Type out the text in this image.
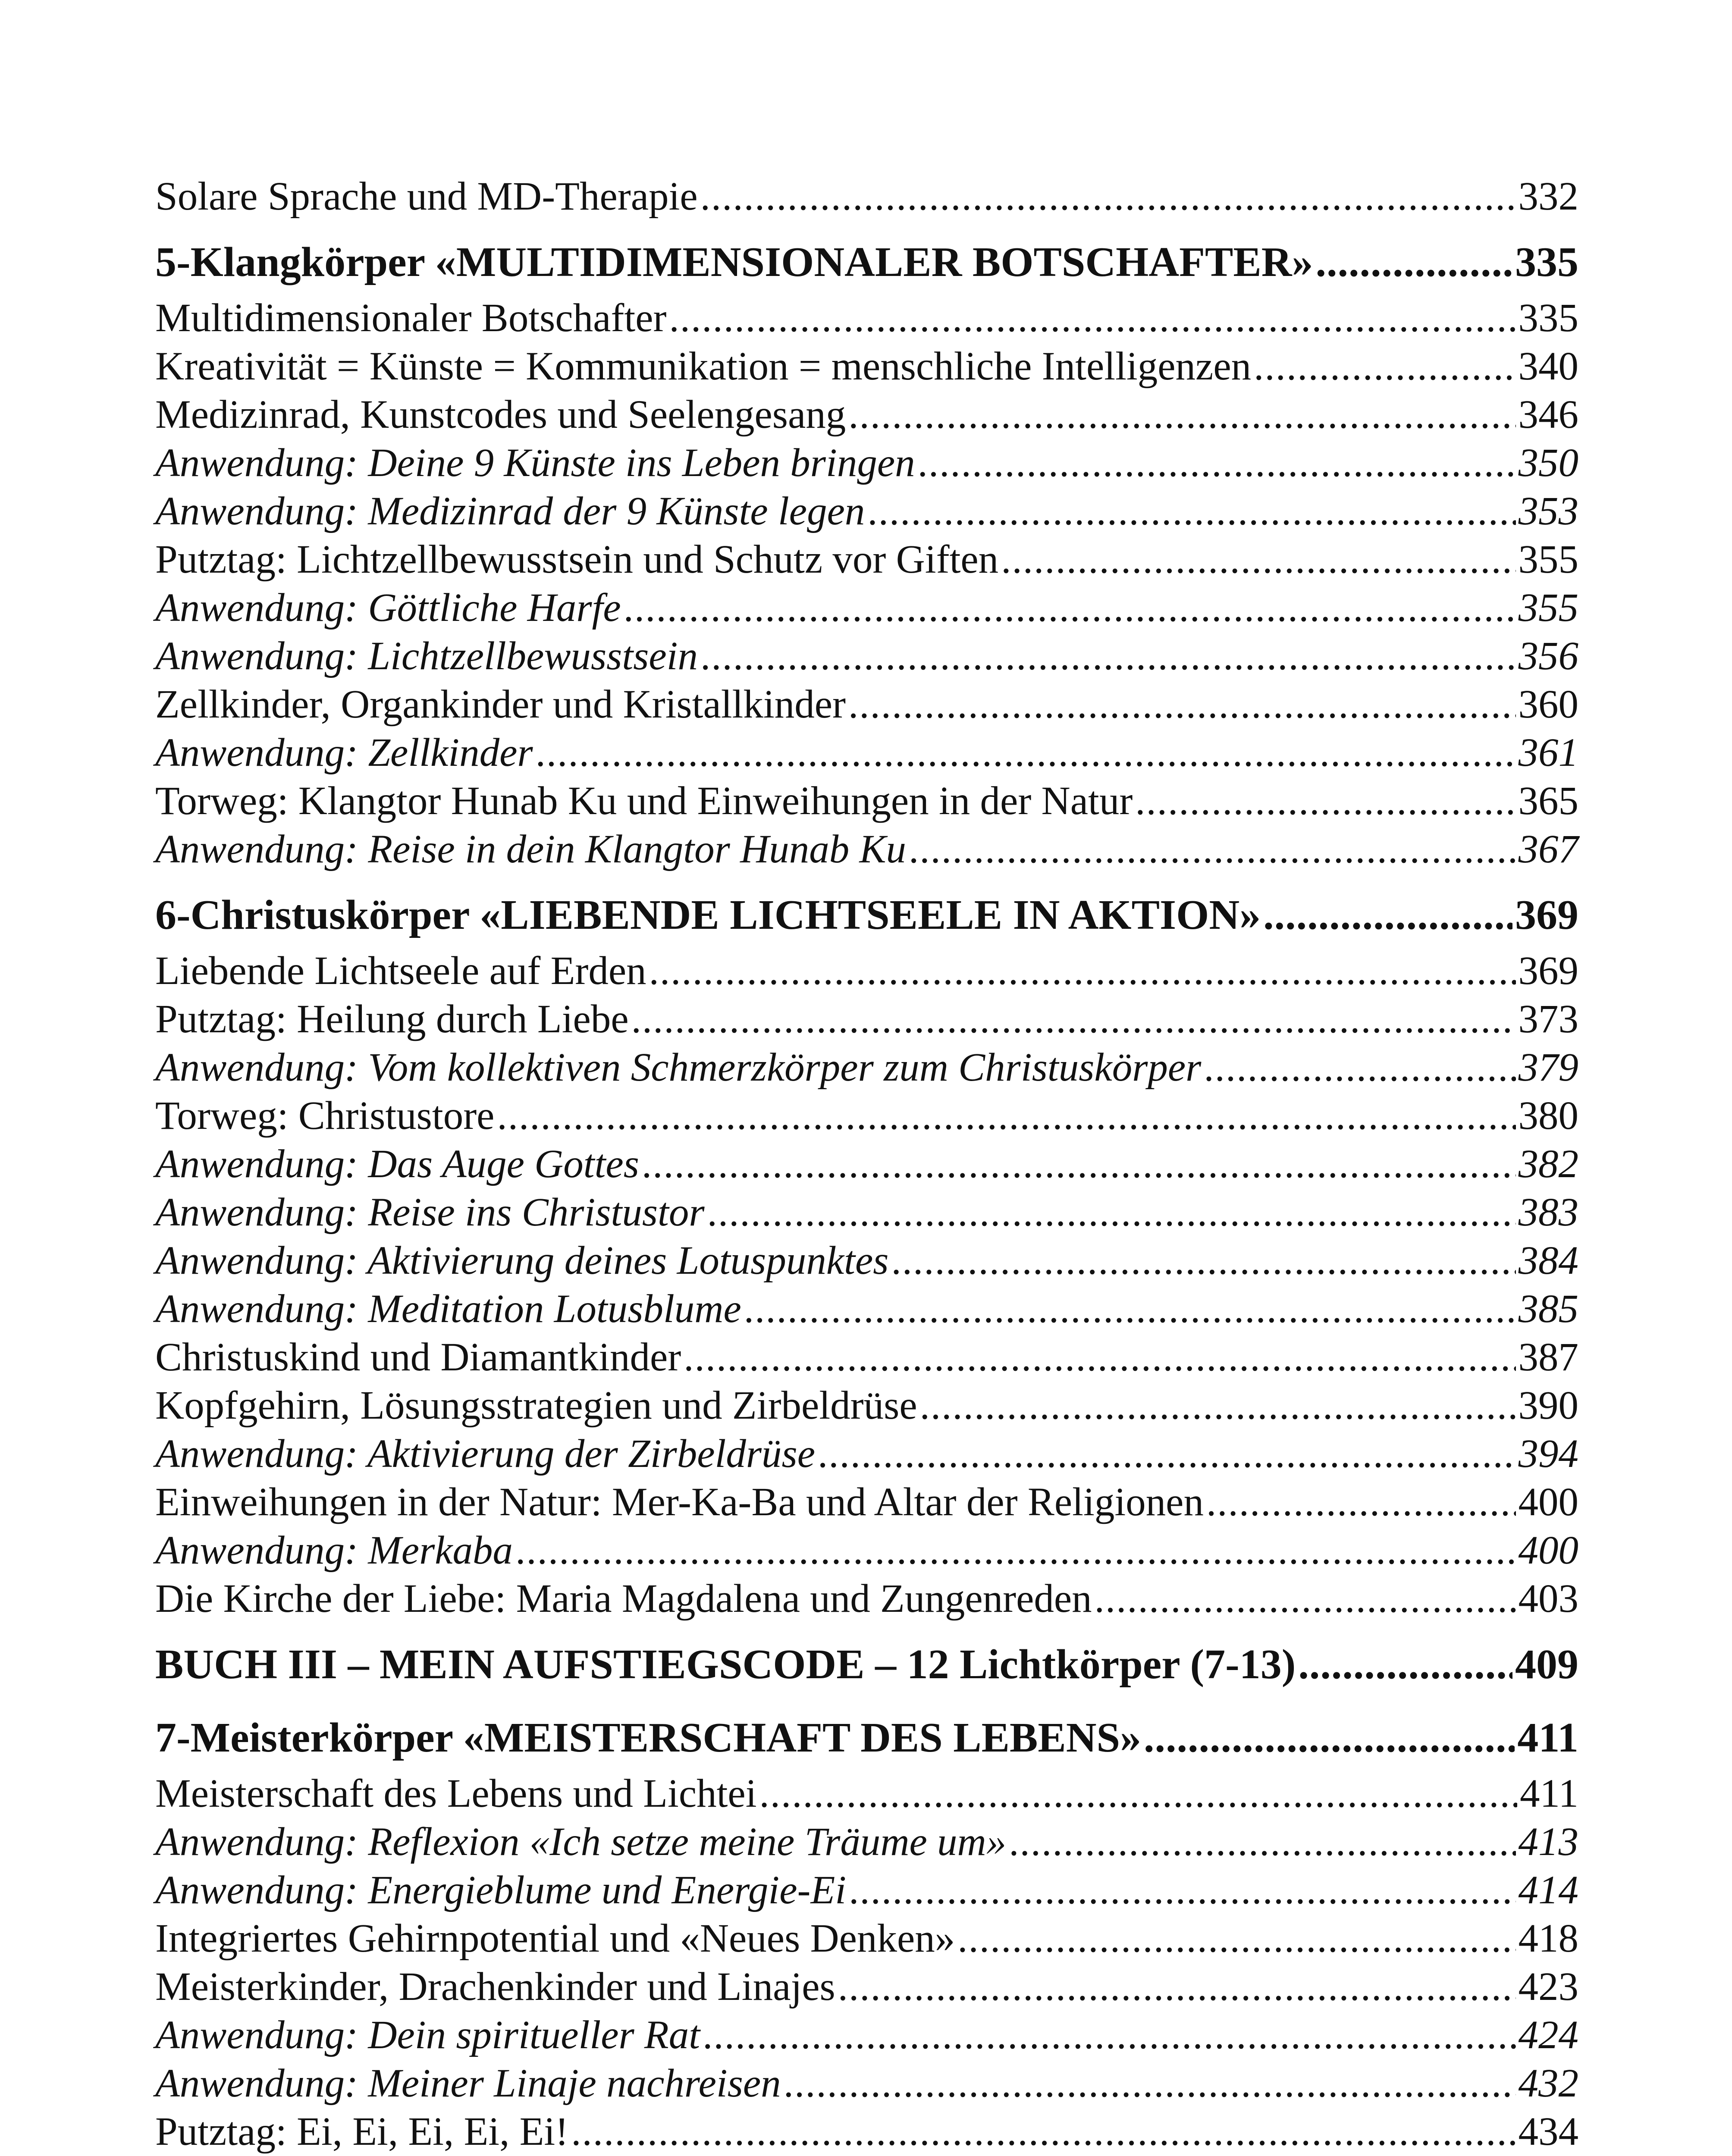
Solare Sprache und MD-Therapie .....	332
5-Klangkörper «MULTIDIMENSIONALER BOTSCHAFTER» .....	335
Multidimensionaler Botschafter .....	335
Kreativität = Künste = Kommunikation = menschliche Intelligenzen .....	340
Medizinrad, Kunstcodes und Seelengesang .....	346
Anwendung: Deine 9 Künste ins Leben bringen .....	350
Anwendung: Medizinrad der 9 Künste legen .....	353
Putztag: Lichtzellbewusstsein und Schutz vor Giften .....	355
Anwendung: Göttliche Harfe .....	355
Anwendung: Lichtzellbewusstsein .....	356
Zellkinder, Organkinder und Kristallkinder .....	360
Anwendung: Zellkinder .....	361
Torweg: Klangtor Hunab Ku und Einweihungen in der Natur .....	365
Anwendung: Reise in dein Klangtor Hunab Ku .....	367
6-Christuskörper «LIEBENDE LICHTSEELE IN AKTION» .....	369
Liebende Lichtseele auf Erden .....	369
Putztag: Heilung durch Liebe .....	373
Anwendung: Vom kollektiven Schmerzkörper zum Christuskörper .....	379
Torweg: Christustore .....	380
Anwendung: Das Auge Gottes .....	382
Anwendung: Reise ins Christustor .....	383
Anwendung: Aktivierung deines Lotuspunktes .....	384
Anwendung: Meditation Lotusblume .....	385
Christuskind und Diamantkinder .....	387
Kopfgehirn, Lösungsstrategien und Zirbeldrüse .....	390
Anwendung: Aktivierung der Zirbeldrüse .....	394
Einweihungen in der Natur: Mer-Ka-Ba und Altar der Religionen .....	400
Anwendung: Merkaba .....	400
Die Kirche der Liebe: Maria Magdalena und Zungenreden .....	403
BUCH III – MEIN AUFSTIEGSCODE – 12 Lichtkörper (7-13) .....	409
7-Meisterkörper «MEISTERSCHAFT DES LEBENS» .....	411
Meisterschaft des Lebens und Lichtei .....	411
Anwendung: Reflexion «Ich setze meine Träume um» .....	413
Anwendung: Energieblume und Energie-Ei .....	414
Integriertes Gehirnpotential und «Neues Denken» .....	418
Meisterkinder, Drachenkinder und Linajes .....	423
Anwendung: Dein spiritueller Rat .....	424
Anwendung: Meiner Linaje nachreisen .....	432
Putztag: Ei, Ei, Ei, Ei, Ei! .....	434
